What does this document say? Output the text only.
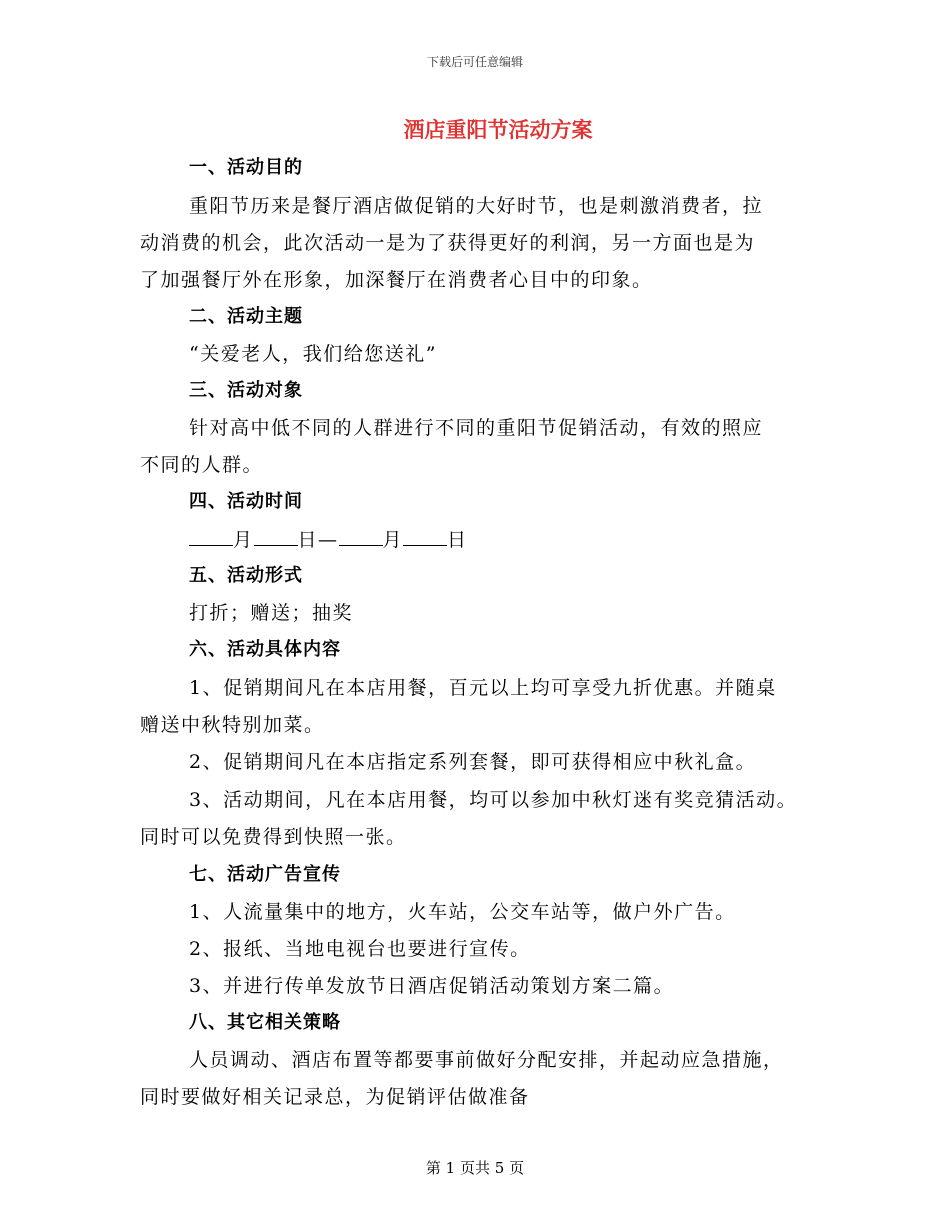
下载后可任意编辑
酒店重阳节活动方案
一、活动目的
重阳节历来是餐厅酒店做促销的大好时节，也是刺激消费者，拉
动消费的机会，此次活动一是为了获得更好的利润，另一方面也是为
了加强餐厅外在形象，加深餐厅在消费者心目中的印象。
二、活动主题
“关爱老人，我们给您送礼”
三、活动对象
针对高中低不同的人群进行不同的重阳节促销活动，有效的照应
不同的人群。
四、活动时间
月 日— 月 日
五、活动形式
打折；赠送；抽奖
六、活动具体内容
1、促销期间凡在本店用餐，百元以上均可享受九折优惠。并随桌
赠送中秋特别加菜。
2、促销期间凡在本店指定系列套餐，即可获得相应中秋礼盒。
3、活动期间，凡在本店用餐，均可以参加中秋灯迷有奖竞猜活动。
同时可以免费得到快照一张。
七、活动广告宣传
1、人流量集中的地方，火车站，公交车站等，做户外广告。
2、报纸、当地电视台也要进行宣传。
3、并进行传单发放节日酒店促销活动策划方案二篇。
八、其它相关策略
人员调动、酒店布置等都要事前做好分配安排，并起动应急措施，
同时要做好相关记录总，为促销评估做准备
第 1 页共 5 页
